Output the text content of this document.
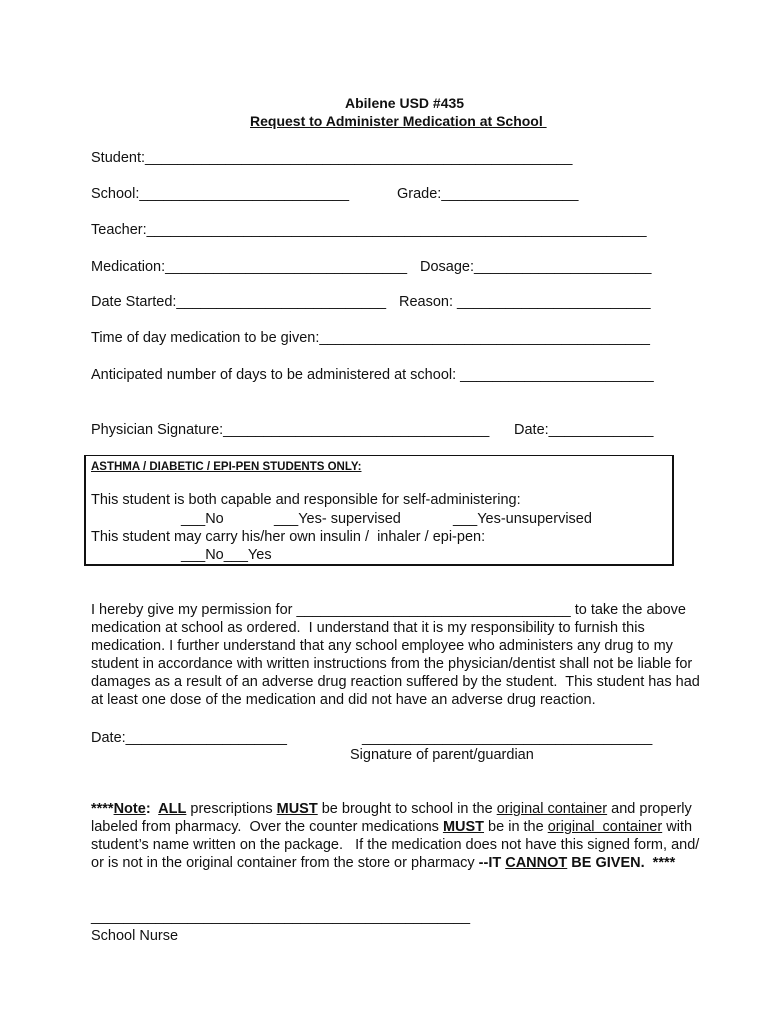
Abilene USD #435
Request to Administer Medication at School
Student:_____________________________________________________
School:__________________________	Grade:_________________
Teacher:______________________________________________________________
Medication:______________________________ Dosage:______________________
Date Started:__________________________ Reason: ________________________
Time of day medication to be given:_________________________________________
Anticipated number of days to be administered at school: ________________________
Physician Signature:_________________________________ Date:_____________
ASTHMA / DIABETIC / EPI-PEN STUDENTS ONLY:
This student is both capable and responsible for self-administering:
___No	___Yes- supervised	___Yes-unsupervised
This student may carry his/her own insulin /  inhaler / epi-pen:
___No___Yes
I hereby give my permission for __________________________________ to take the above
medication at school as ordered.  I understand that it is my responsibility to furnish this
medication. I further understand that any school employee who administers any drug to my
student in accordance with written instructions from the physician/dentist shall not be liable for
damages as a result of an adverse drug reaction suffered by the student.  This student has had
at least one dose of the medication and did not have an adverse drug reaction.
Date:____________________	____________________________________
Signature of parent/guardian
****Note:  ALL prescriptions MUST be brought to school in the original container and properly
labeled from pharmacy.  Over the counter medications MUST be in the original  container with
student’s name written on the package.   If the medication does not have this signed form, and/
or is not in the original container from the store or pharmacy --IT CANNOT BE GIVEN.  ****
_______________________________________________
School Nurse
